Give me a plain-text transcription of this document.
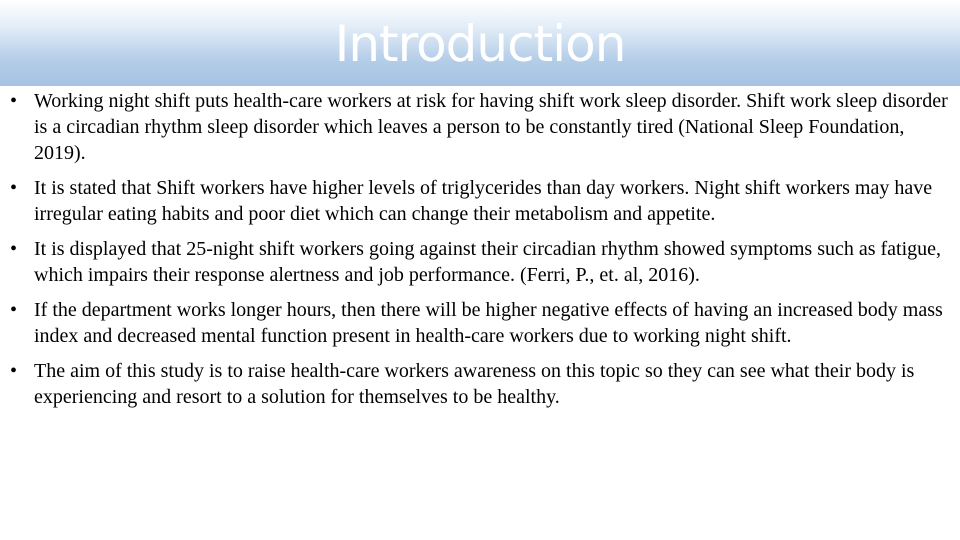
Introduction
• Working night shift puts health-care workers at risk for having shift work sleep disorder. Shift work sleep disorder is a circadian rhythm sleep disorder which leaves a person to be constantly tired (National Sleep Foundation, 2019).
• It is stated that Shift workers have higher levels of triglycerides than day workers. Night shift workers may have irregular eating habits and poor diet which can change their metabolism and appetite.
• It is displayed that 25-night shift workers going against their circadian rhythm showed symptoms such as fatigue, which impairs their response alertness and job performance. (Ferri, P., et. al, 2016).
• If the department works longer hours, then there will be higher negative effects of having an increased body mass index and decreased mental function present in health-care workers due to working night shift.
• The aim of this study is to raise health-care workers awareness on this topic so they can see what their body is experiencing and resort to a solution for themselves to be healthy.
